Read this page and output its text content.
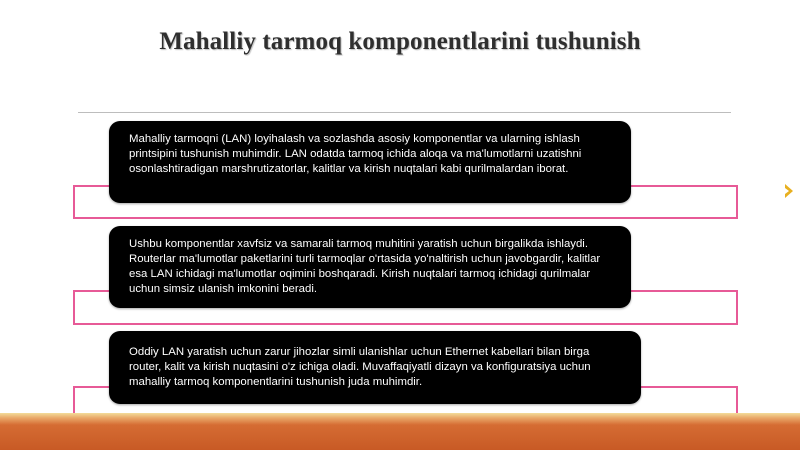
Mahalliy tarmoq komponentlarini tushunish
Mahalliy tarmoqni (LAN) loyihalash va sozlashda asosiy komponentlar va ularning ishlash printsipini tushunish muhimdir. LAN odatda tarmoq ichida aloqa va ma'lumotlarni uzatishni osonlashtiradigan marshrutizatorlar, kalitlar va kirish nuqtalari kabi qurilmalardan iborat.
Ushbu komponentlar xavfsiz va samarali tarmoq muhitini yaratish uchun birgalikda ishlaydi. Routerlar ma'lumotlar paketlarini turli tarmoqlar o'rtasida yo'naltirish uchun javobgardir, kalitlar esa LAN ichidagi ma'lumotlar oqimini boshqaradi. Kirish nuqtalari tarmoq ichidagi qurilmalar uchun simsiz ulanish imkonini beradi.
Oddiy LAN yaratish uchun zarur jihozlar simli ulanishlar uchun Ethernet kabellari bilan birga router, kalit va kirish nuqtasini o'z ichiga oladi. Muvaffaqiyatli dizayn va konfiguratsiya uchun mahalliy tarmoq komponentlarini tushunish juda muhimdir.
